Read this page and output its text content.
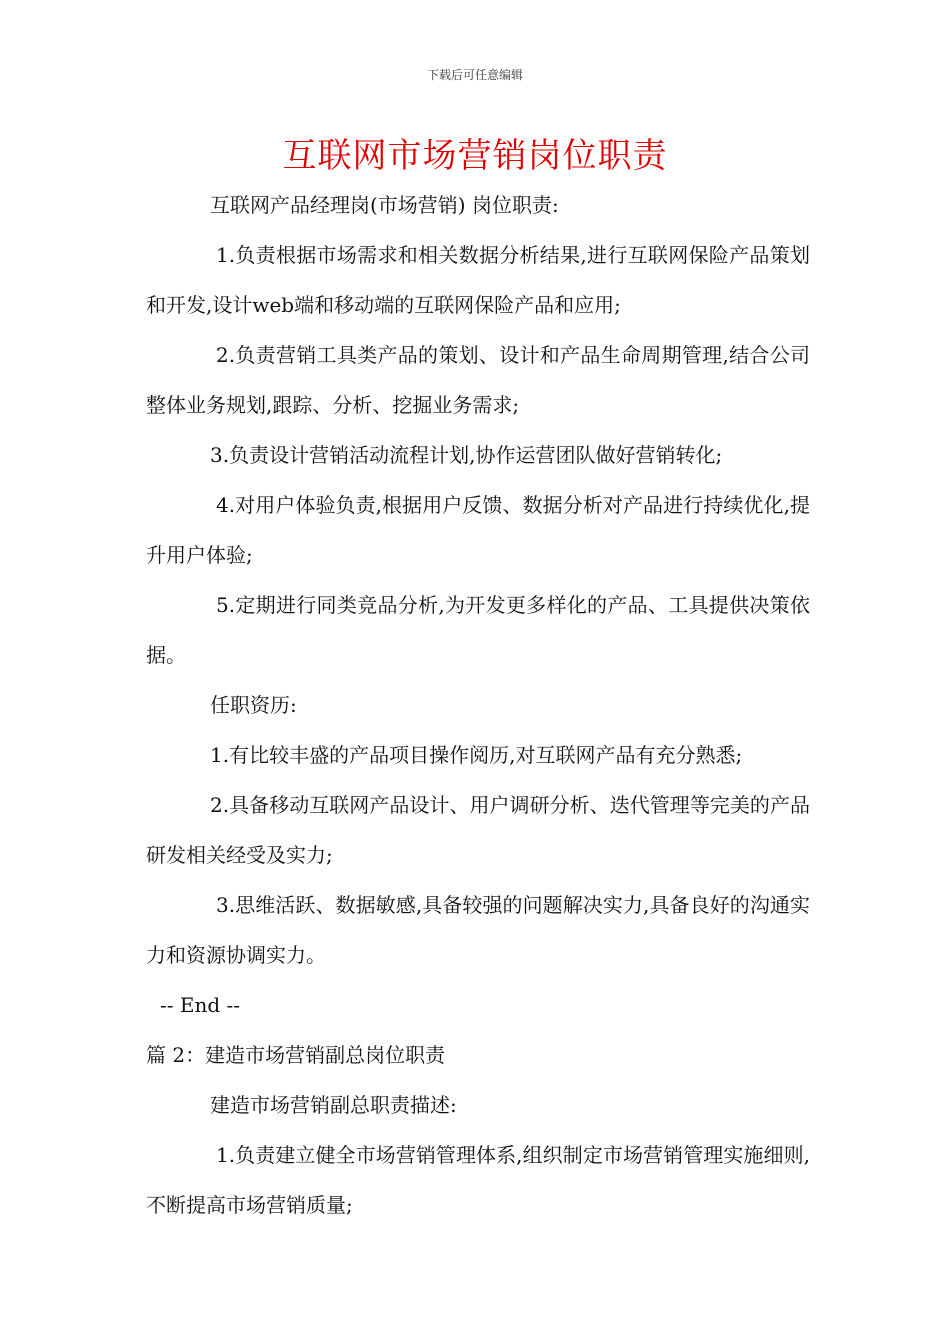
下载后可任意编辑
互联网市场营销岗位职责

互联网产品经理岗(市场营销) 岗位职责:

1.负责根据市场需求和相关数据分析结果,进行互联网保险产品策划和开发,设计web端和移动端的互联网保险产品和应用;

2.负责营销工具类产品的策划、设计和产品生命周期管理,结合公司整体业务规划,跟踪、分析、挖掘业务需求;

3.负责设计营销活动流程计划,协作运营团队做好营销转化;

4.对用户体验负责,根据用户反馈、数据分析对产品进行持续优化,提升用户体验;

5.定期进行同类竞品分析,为开发更多样化的产品、工具提供决策依据。

任职资历:

1.有比较丰盛的产品项目操作阅历,对互联网产品有充分熟悉;

2.具备移动互联网产品设计、用户调研分析、迭代管理等完美的产品研发相关经受及实力;

3.思维活跃、数据敏感,具备较强的问题解决实力,具备良好的沟通实力和资源协调实力。

-- End --

篇 2：建造市场营销副总岗位职责

建造市场营销副总职责描述:

1.负责建立健全市场营销管理体系,组织制定市场营销管理实施细则,不断提高市场营销质量;
